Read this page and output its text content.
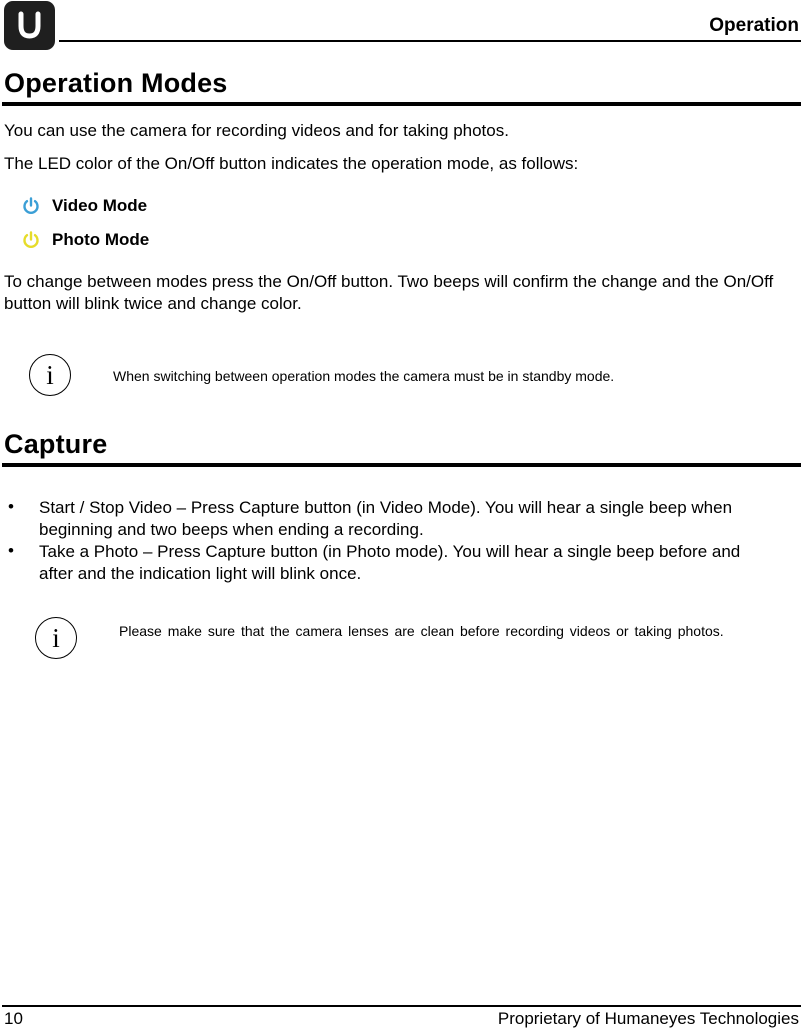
Operation
Operation Modes
You can use the camera for recording videos and for taking photos.
The LED color of the On/Off button indicates the operation mode, as follows:
Video Mode
Photo Mode
To change between modes press the On/Off button. Two beeps will confirm the change and the On/Off button will blink twice and change color.
i	When switching between operation modes the camera must be in standby mode.
Capture
• Start / Stop Video – Press Capture button (in Video Mode). You will hear a single beep when beginning and two beeps when ending a recording.
• Take a Photo – Press Capture button (in Photo mode). You will hear a single beep before and after and the indication light will blink once.
i	Please make sure that the camera lenses are clean before recording videos or taking photos.
10	Proprietary of Humaneyes Technologies
